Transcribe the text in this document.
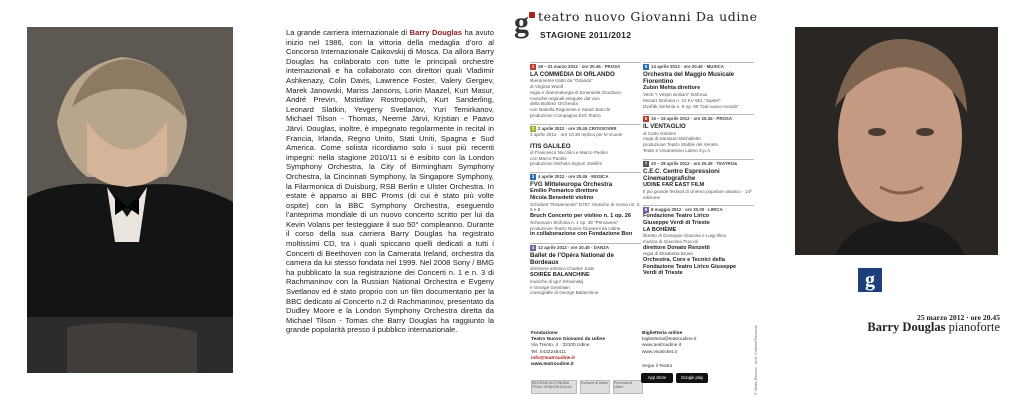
La grande carriera internazionale di Barry Douglas ha avuto inizio nel 1986, con la vittoria della medaglia d’oro al Concorso Internazionale Caikovskij di Mosca. Da allora Barry Douglas ha collaborato con tutte le principali orchestre internazionali e ha collaborato con direttori quali Vladimir Ashkenazy, Colin Davis, Lawrence Foster, Valery Gergiev, Marek Janowski, Mariss Jansons, Lorin Maazel, Kurt Masur, André Previn, Mstistlav Rostropovich, Kurt Sanderling, Leonard Slatkin, Yevgeny Svetlanov, Yuri Temirkanov, Michael Tilson - Thomas, Neeme Järvi, Krjstian e Paavo Järvi. Douglas, inoltre, è impegnato regolarmente in recital in Francia, Irlanda, Regno Unito, Stati Uniti, Spagna e Sud America. Come solista ricordiamo solo i suoi più recenti impegni: nella stagione 2010/11 si è esibito con la London Symphony Orchestra, la City of Birmingham Symphony Orchestra, la Cincinnati Symphony, la Singapore Symphony, la Filarmonica di Duisburg, RSB Berlin e Ulster Orchestra. In estate è apparso ai BBC Proms (di cui è stato più volte ospite) con la BBC Symphony Orchestra, eseguendo l’anteprima mondiale di un nuovo concerto scritto per lui da Kevin Volans per festeggiare il suo 50° compleanno. Durante il corso della sua carriera Barry Douglas ha registrato moltissimi CD, tra i quali spiccano quelli dedicati a tutti i Concerti di Beethoven con la Camerata Ireland, orchestra da camera da lui stesso fondata nel 1999. Nel 2008 Sony / BMG ha pubblicato la sua registrazione dei Concerti n. 1 e n. 3 di Rachmaninov con la Russian National Orchestra e Evgeny Svetlanov ed è stato proprio con un film documentario per la BBC dedicato al Concerto n.2 di Rachmaninov, presentato da Dudley Moore e la London Symphony Orchestra diretta da Michael Tilson - Tomas che Barry Douglas ha raggiunto la grande popolarità presso il pubblico internazionale.
g teatro nuovo Giovanni Da udine
STAGIONE 2011/2012
1 28 – 31 marzo 2012 · ore 20.45 · PROSA
LA COMMEDIA DI ORLANDO
liberamente tratto da “Orlando”
di Virginia Woolf
regia e drammaturgia di Emanuela Giordano
musiche originali eseguite dal vivo
della Bubbez Orchestra
con Isabella Ragonese e Sarah Biacchi
produzione Compagnia Enfi Teatro
2 2 aprile 2012 · ore 20.45 CROSSOVER
3 aprile 2012 · ore 10.30 replica per le scuole
ITIS GALILEO
di Francesco Niccolini e Marco Paolini
con Marco Paolini
produzione Michela Signori Jolefilm
3 4 aprile 2012 · ore 20.45 · MUSICA
FVG Mitteleuropa Orchestra
Emilio Pomarico direttore
Nicola Benedetti violino
Schubert “Rosamunde” D797, Musiche di scena nn. 2, 5 e 8
Bruch Concerto per violino n. 1 op. 26
Schumann Sinfonia n. 1 op. 38 “Primavera”
produzione Teatro Nuovo Giovanni da Udine
in collaborazione con Fondazione Bon
4 12 aprile 2012 · ore 20.45 · DANZA
Ballet de l’Opéra National de Bordeaux
direzione artistica Charles Jude
SOIRÉE BALANCHINE
musiche di Igor Stravinskij
e George Gershwin
coreografie di George Balanchine
5 14 aprile 2012 · ore 20.45 · MUSICA
Orchestra del Maggio Musicale Fiorentino
Zubin Mehta direttore
Verdi “I Vespri siciliani” Sinfonia
Mozart Sinfonia n. 41 KV 551 “Jupiter”
Dvořák Sinfonia n. 9 op. 95 “Dal nuovo mondo”
6 16 – 19 aprile 2012 · ore 20.45 · PROSA
IL VENTAGLIO
di Carlo Goldoni
regia di Damiano Michieletto
produzione Teatro Stabile del Veneto
Teatri e Umanesimo Latino S.p.A.
7 20 – 28 aprile 2012 · ore 20.45 · TEATRO&
C.E.C. Centro Espressioni Cinematografiche
UDINE FAR EAST FILM
Il più grande festival di cinema popolare asiatico · 14ª edizione
8 8 maggio 2012 · ore 20.00 · LIRICA
Fondazione Teatro Lirico
Giuseppe Verdi di Trieste
LA BOHÈME
libretto di Giuseppe Giacosa e Luigi Illica
musica di Giacomo Puccini
direttore Donato Renzetti
regia di Elisabetta Brusa
Orchestra, Coro e Tecnici della
Fondazione Teatro Lirico Giuseppe
Verdi di Trieste
Fondazione
Teatro Nuovo Giovanni da Udine
Via Trento, 4 · 33100 Udine
Tel. 0432248411
info@teatroudine.it
www.teatroudine.it
Biglietteria online
biglietteria@teatroudine.it
www.teatroudine.it
www.vivaticket.it
Segui il Teatro
REGIONE AUTONOMA FRIULI VENEZIA GIULIA
Comune di Udine	Provincia di Udine
App Store	Google play
g
25 marzo 2012 · ore 20.45
Barry Douglas pianoforte
© Studio Rossoni · print: Graficart Pasian/di
